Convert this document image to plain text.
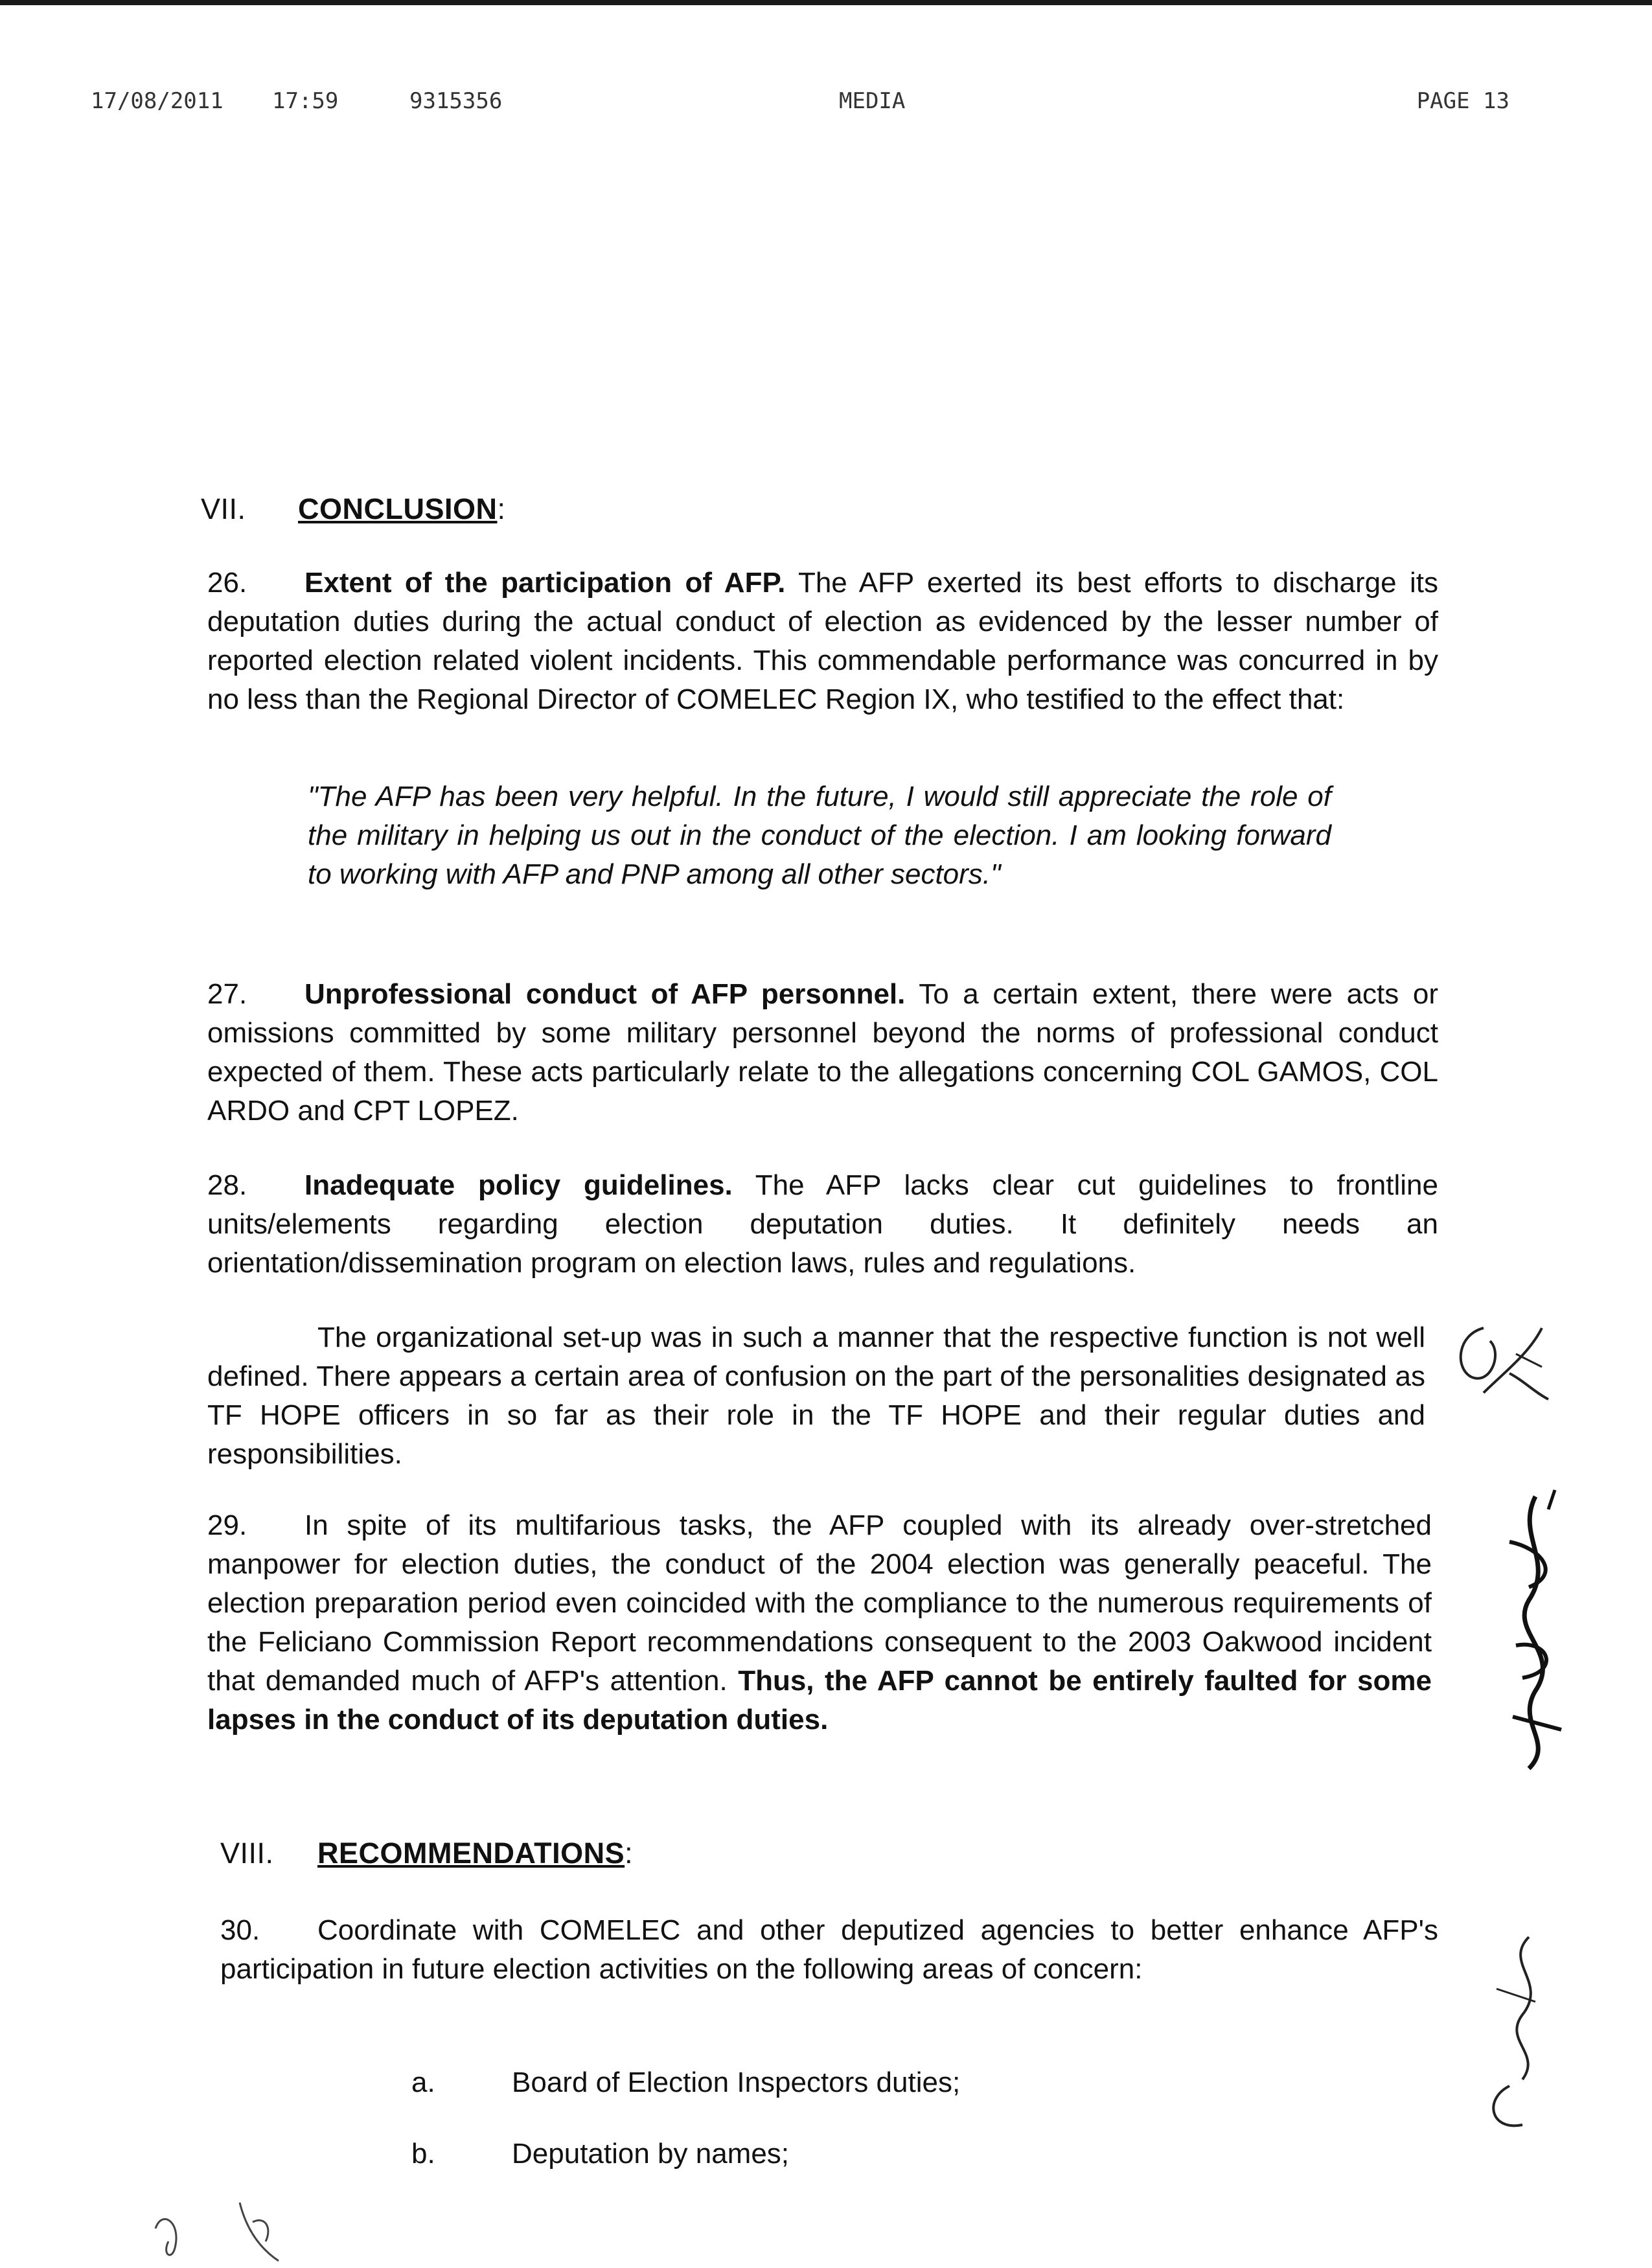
17/08/2011 17:59	9315356	MEDIA	PAGE 13
VII. CONCLUSION:
26. Extent of the participation of AFP. The AFP exerted its best efforts to discharge its deputation duties during the actual conduct of election as evidenced by the lesser number of reported election related violent incidents. This commendable performance was concurred in by no less than the Regional Director of COMELEC Region IX, who testified to the effect that:
"The AFP has been very helpful. In the future, I would still appreciate the role of the military in helping us out in the conduct of the election. I am looking forward to working with AFP and PNP among all other sectors."
27. Unprofessional conduct of AFP personnel. To a certain extent, there were acts or omissions committed by some military personnel beyond the norms of professional conduct expected of them. These acts particularly relate to the allegations concerning COL GAMOS, COL ARDO and CPT LOPEZ.
28. Inadequate policy guidelines. The AFP lacks clear cut guidelines to frontline units/elements regarding election deputation duties. It definitely needs an orientation/dissemination program on election laws, rules and regulations.
The organizational set-up was in such a manner that the respective function is not well defined. There appears a certain area of confusion on the part of the personalities designated as TF HOPE officers in so far as their role in the TF HOPE and their regular duties and responsibilities.
29. In spite of its multifarious tasks, the AFP coupled with its already over-stretched manpower for election duties, the conduct of the 2004 election was generally peaceful. The election preparation period even coincided with the compliance to the numerous requirements of the Feliciano Commission Report recommendations consequent to the 2003 Oakwood incident that demanded much of AFP's attention. Thus, the AFP cannot be entirely faulted for some lapses in the conduct of its deputation duties.
VIII. RECOMMENDATIONS:
30. Coordinate with COMELEC and other deputized agencies to better enhance AFP's participation in future election activities on the following areas of concern:
a.	Board of Election Inspectors duties;
b.	Deputation by names;
